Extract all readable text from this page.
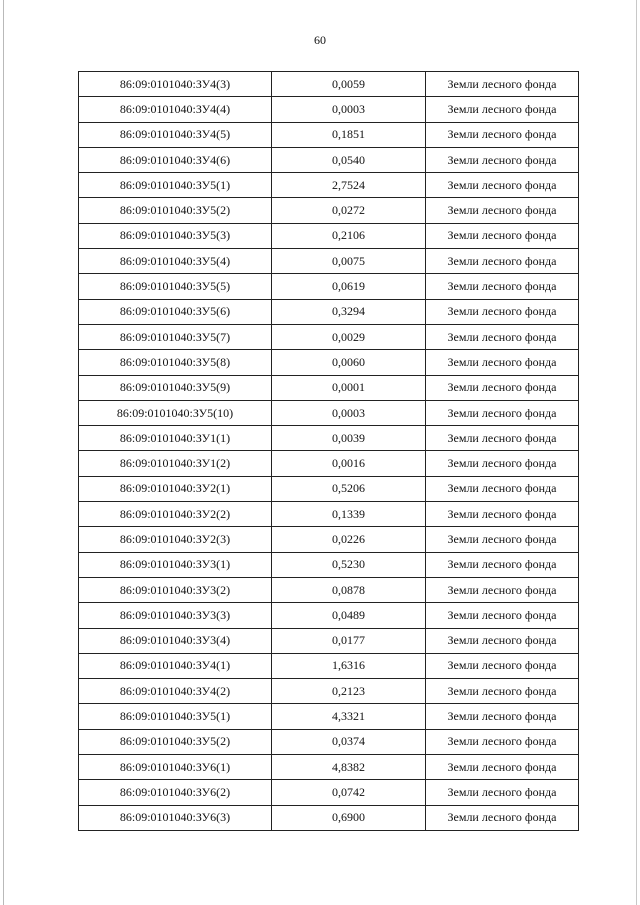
60
86:09:0101040:ЗУ4(3)	0,0059	Земли лесного фонда
86:09:0101040:ЗУ4(4)	0,0003	Земли лесного фонда
86:09:0101040:ЗУ4(5)	0,1851	Земли лесного фонда
86:09:0101040:ЗУ4(6)	0,0540	Земли лесного фонда
86:09:0101040:ЗУ5(1)	2,7524	Земли лесного фонда
86:09:0101040:ЗУ5(2)	0,0272	Земли лесного фонда
86:09:0101040:ЗУ5(3)	0,2106	Земли лесного фонда
86:09:0101040:ЗУ5(4)	0,0075	Земли лесного фонда
86:09:0101040:ЗУ5(5)	0,0619	Земли лесного фонда
86:09:0101040:ЗУ5(6)	0,3294	Земли лесного фонда
86:09:0101040:ЗУ5(7)	0,0029	Земли лесного фонда
86:09:0101040:ЗУ5(8)	0,0060	Земли лесного фонда
86:09:0101040:ЗУ5(9)	0,0001	Земли лесного фонда
86:09:0101040:ЗУ5(10)	0,0003	Земли лесного фонда
86:09:0101040:ЗУ1(1)	0,0039	Земли лесного фонда
86:09:0101040:ЗУ1(2)	0,0016	Земли лесного фонда
86:09:0101040:ЗУ2(1)	0,5206	Земли лесного фонда
86:09:0101040:ЗУ2(2)	0,1339	Земли лесного фонда
86:09:0101040:ЗУ2(3)	0,0226	Земли лесного фонда
86:09:0101040:ЗУ3(1)	0,5230	Земли лесного фонда
86:09:0101040:ЗУ3(2)	0,0878	Земли лесного фонда
86:09:0101040:ЗУ3(3)	0,0489	Земли лесного фонда
86:09:0101040:ЗУ3(4)	0,0177	Земли лесного фонда
86:09:0101040:ЗУ4(1)	1,6316	Земли лесного фонда
86:09:0101040:ЗУ4(2)	0,2123	Земли лесного фонда
86:09:0101040:ЗУ5(1)	4,3321	Земли лесного фонда
86:09:0101040:ЗУ5(2)	0,0374	Земли лесного фонда
86:09:0101040:ЗУ6(1)	4,8382	Земли лесного фонда
86:09:0101040:ЗУ6(2)	0,0742	Земли лесного фонда
86:09:0101040:ЗУ6(3)	0,6900	Земли лесного фонда
